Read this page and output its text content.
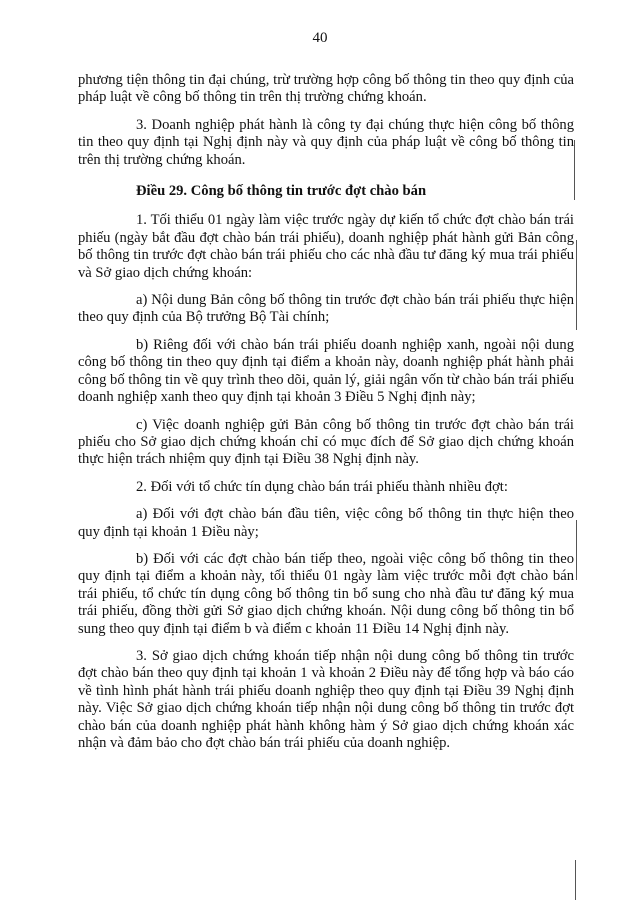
40

phương tiện thông tin đại chúng, trừ trường hợp công bố thông tin theo quy định của pháp luật về công bố thông tin trên thị trường chứng khoán.

3. Doanh nghiệp phát hành là công ty đại chúng thực hiện công bố thông tin theo quy định tại Nghị định này và quy định của pháp luật về công bố thông tin trên thị trường chứng khoán.

Điều 29. Công bố thông tin trước đợt chào bán

1. Tối thiểu 01 ngày làm việc trước ngày dự kiến tổ chức đợt chào bán trái phiếu (ngày bắt đầu đợt chào bán trái phiếu), doanh nghiệp phát hành gửi Bản công bố thông tin trước đợt chào bán trái phiếu cho các nhà đầu tư đăng ký mua trái phiếu và Sở giao dịch chứng khoán:

a) Nội dung Bản công bố thông tin trước đợt chào bán trái phiếu thực hiện theo quy định của Bộ trưởng Bộ Tài chính;

b) Riêng đối với chào bán trái phiếu doanh nghiệp xanh, ngoài nội dung công bố thông tin theo quy định tại điểm a khoản này, doanh nghiệp phát hành phải công bố thông tin về quy trình theo dõi, quản lý, giải ngân vốn từ chào bán trái phiếu doanh nghiệp xanh theo quy định tại khoản 3 Điều 5 Nghị định này;

c) Việc doanh nghiệp gửi Bản công bố thông tin trước đợt chào bán trái phiếu cho Sở giao dịch chứng khoán chỉ có mục đích để Sở giao dịch chứng khoán thực hiện trách nhiệm quy định tại Điều 38 Nghị định này.

2. Đối với tổ chức tín dụng chào bán trái phiếu thành nhiều đợt:

a) Đối với đợt chào bán đầu tiên, việc công bố thông tin thực hiện theo quy định tại khoản 1 Điều này;

b) Đối với các đợt chào bán tiếp theo, ngoài việc công bố thông tin theo quy định tại điểm a khoản này, tối thiểu 01 ngày làm việc trước mỗi đợt chào bán trái phiếu, tổ chức tín dụng công bố thông tin bổ sung cho nhà đầu tư đăng ký mua trái phiếu, đồng thời gửi Sở giao dịch chứng khoán. Nội dung công bố thông tin bổ sung theo quy định tại điểm b và điểm c khoản 11 Điều 14 Nghị định này.

3. Sở giao dịch chứng khoán tiếp nhận nội dung công bố thông tin trước đợt chào bán theo quy định tại khoản 1 và khoản 2 Điều này để tổng hợp và báo cáo về tình hình phát hành trái phiếu doanh nghiệp theo quy định tại Điều 39 Nghị định này. Việc Sở giao dịch chứng khoán tiếp nhận nội dung công bố thông tin trước đợt chào bán của doanh nghiệp phát hành không hàm ý Sở giao dịch chứng khoán xác nhận và đảm bảo cho đợt chào bán trái phiếu của doanh nghiệp.
